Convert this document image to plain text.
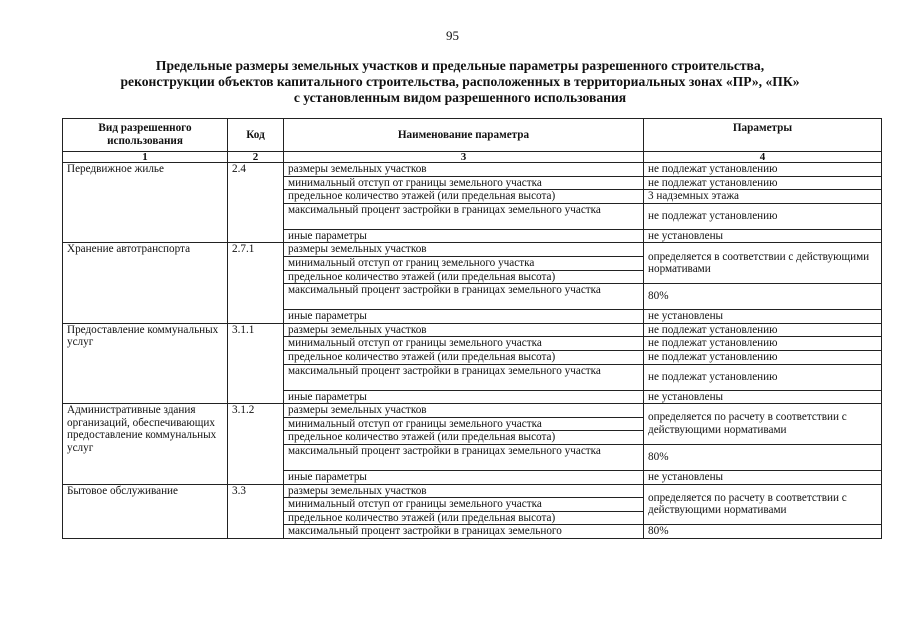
95
Предельные размеры земельных участков и предельные параметры разрешенного строительства,
реконструкции объектов капитального строительства, расположенных в территориальных зонах «ПР», «ПК»
с установленным видом разрешенного использования
Вид разрешенного использования	Код	Наименование параметра	Параметры
1	2	3	4
Передвижное жилье	2.4	размеры земельных участков	не подлежат установлению
		минимальный отступ от границы земельного участка	не подлежат установлению
		предельное количество этажей (или предельная высота)	3 надземных этажа
		максимальный процент застройки в границах земельного участка	не подлежат установлению
		иные параметры	не установлены
Хранение автотранспорта	2.7.1	размеры земельных участков	определяется в соответствии с действующими нормативами
		минимальный отступ от границ земельного участка	
		предельное количество этажей (или предельная высота)	
		максимальный процент застройки в границах земельного участка	80%
		иные параметры	не установлены
Предоставление коммунальных услуг	3.1.1	размеры земельных участков	не подлежат установлению
		минимальный отступ от границы земельного участка	не подлежат установлению
		предельное количество этажей (или предельная высота)	не подлежат установлению
		максимальный процент застройки в границах земельного участка	не подлежат установлению
		иные параметры	не установлены
Административные здания организаций, обеспечивающих предоставление коммунальных услуг	3.1.2	размеры земельных участков	определяется по расчету в соответствии с действующими нормативами
		минимальный отступ от границы земельного участка	
		предельное количество этажей (или предельная высота)	
		максимальный процент застройки в границах земельного участка	80%
		иные параметры	не установлены
Бытовое обслуживание	3.3	размеры земельных участков	определяется по расчету в соответствии с действующими нормативами
		минимальный отступ от границы земельного участка	
		предельное количество этажей (или предельная высота)	
		максимальный процент застройки в границах земельного	80%
